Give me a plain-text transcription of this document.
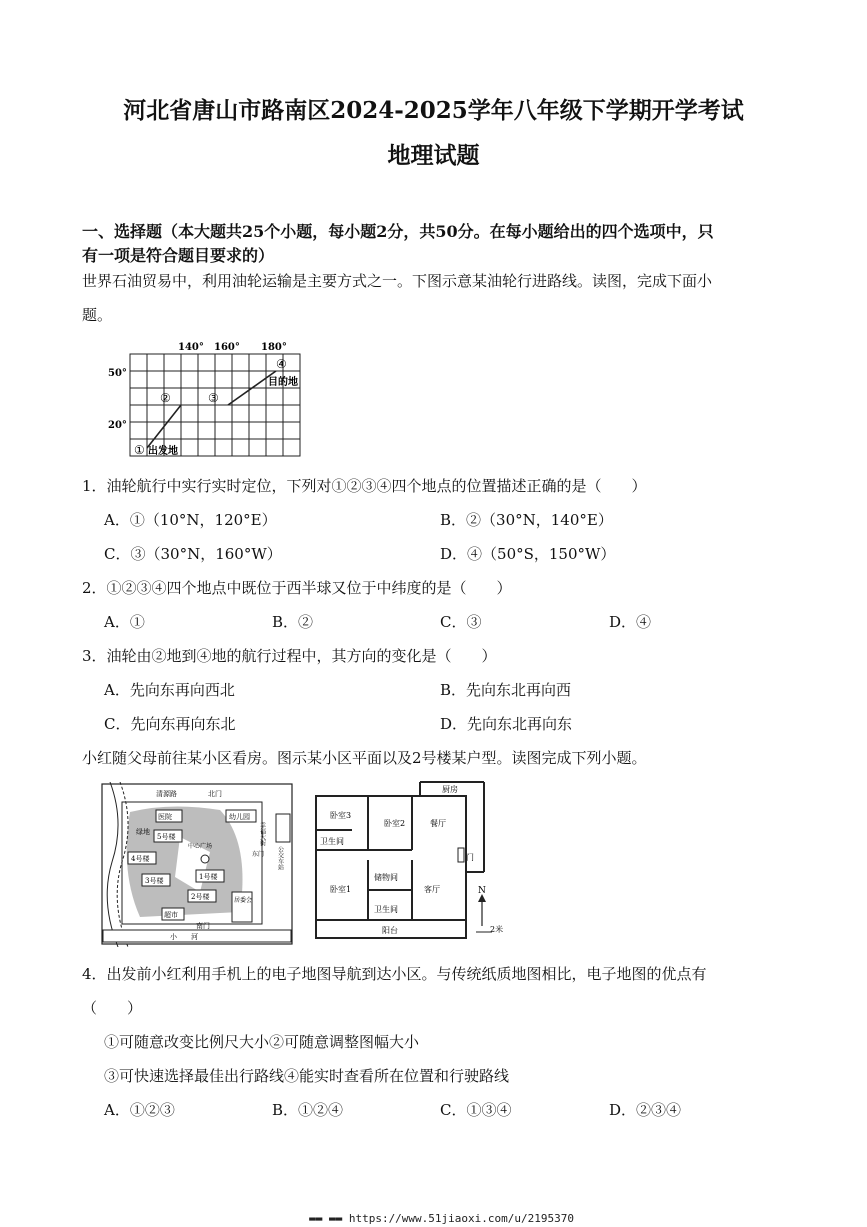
河北省唐山市路南区2024-2025学年八年级下学期开学考试
地理试题
一、选择题（本大题共25个小题，每小题2分，共50分。在每小题给出的四个选项中，只
有一项是符合题目要求的）
世界石油贸易中，利用油轮运输是主要方式之一。下图示意某油轮行进路线。读图，完成下面小
题。
140° 160° 180°
50°
20°
① 出发地
②	③
④
目的地
1．油轮航行中实行实时定位，下列对①②③④四个地点的位置描述正确的是（　　）
A．①（10°N，120°E）	B．②（30°N，140°E）
C．③（30°N，160°W）	D．④（50°S，150°W）
2．①②③④四个地点中既位于西半球又位于中纬度的是（　　）
A．①	B．②	C．③	D．④
3．油轮由②地到④地的航行过程中，其方向的变化是（　　）
A．先向东再向西北	B．先向东北再向西
C．先向东再向东北	D．先向东北再向东
小红随父母前往某小区看房。图示某小区平面以及2号楼某户型。读图完成下列小题。
清源路	北门
南门
小　　河
医院	幼儿园
绿地
中心广场
5号楼
4号楼
3号楼	1号楼
2号楼
超市
居委会
东门
幸福大街
公交车站
厨房
卧室3
卧室2	餐厅
卫生间
门
储物间
卧室1	客厅
卫生间
阳台
N
2米
4．出发前小红利用手机上的电子地图导航到达小区。与传统纸质地图相比，电子地图的优点有
（　　）
①可随意改变比例尺大小②可随意调整图幅大小
③可快速选择最佳出行路线④能实时查看所在位置和行驶路线
A．①②③	B．①②④	C．①③④	D．②③④
▬▬ ▬▬ https://www.51jiaoxi.com/u/2195370
